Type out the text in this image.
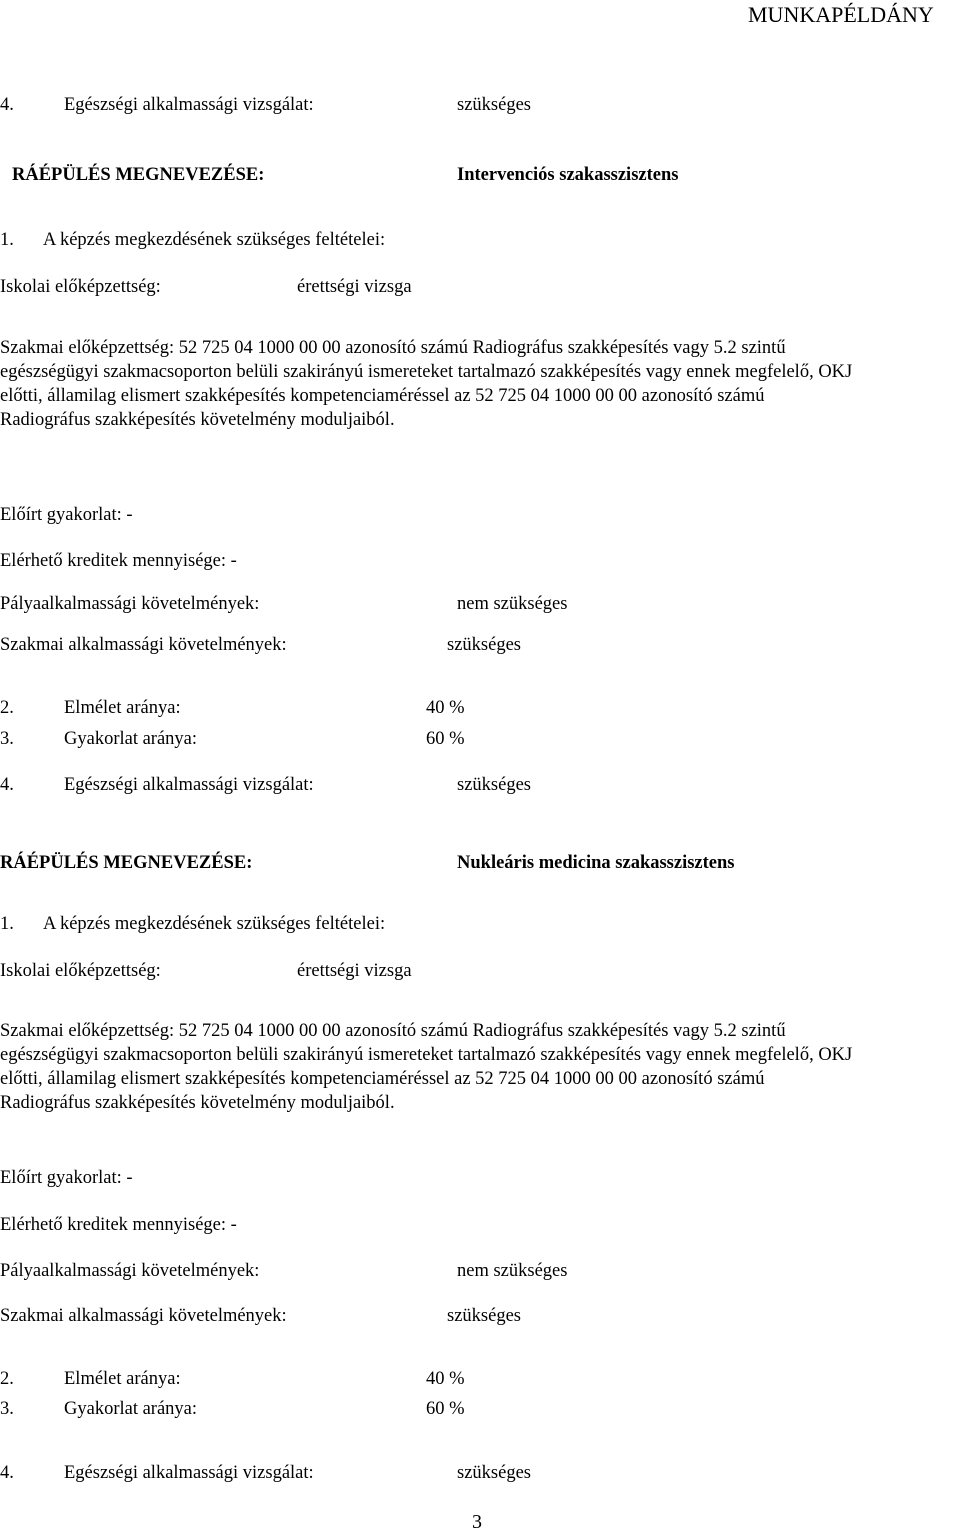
MUNKAPÉLDÁNY
4.	Egészségi alkalmassági vizsgálat:	szükséges
RÁÉPÜLÉS MEGNEVEZÉSE:	Intervenciós szakasszisztens
1. A képzés megkezdésének szükséges feltételei:
Iskolai előképzettség:	érettségi vizsga
Szakmai előképzettség: 52 725 04 1000 00 00 azonosító számú Radiográfus szakképesítés vagy 5.2 szintű
egészségügyi szakmacsoporton belüli szakirányú ismereteket tartalmazó szakképesítés vagy ennek megfelelő, OKJ
előtti, államilag elismert szakképesítés kompetenciaméréssel az 52 725 04 1000 00 00 azonosító számú
Radiográfus szakképesítés követelmény moduljaiból.
Előírt gyakorlat: -
Elérhető kreditek mennyisége: -
Pályaalkalmassági követelmények:	nem szükséges
Szakmai alkalmassági követelmények:	szükséges
2.	Elmélet aránya:	40 %
3.	Gyakorlat aránya:	60 %
4.	Egészségi alkalmassági vizsgálat:	szükséges
RÁÉPÜLÉS MEGNEVEZÉSE:	Nukleáris medicina szakasszisztens
1. A képzés megkezdésének szükséges feltételei:
Iskolai előképzettség:	érettségi vizsga
Szakmai előképzettség: 52 725 04 1000 00 00 azonosító számú Radiográfus szakképesítés vagy 5.2 szintű
egészségügyi szakmacsoporton belüli szakirányú ismereteket tartalmazó szakképesítés vagy ennek megfelelő, OKJ
előtti, államilag elismert szakképesítés kompetenciaméréssel az 52 725 04 1000 00 00 azonosító számú
Radiográfus szakképesítés követelmény moduljaiból.
Előírt gyakorlat: -
Elérhető kreditek mennyisége: -
Pályaalkalmassági követelmények:	nem szükséges
Szakmai alkalmassági követelmények:	szükséges
2.	Elmélet aránya:	40 %
3.	Gyakorlat aránya:	60 %
4.	Egészségi alkalmassági vizsgálat:	szükséges
3
